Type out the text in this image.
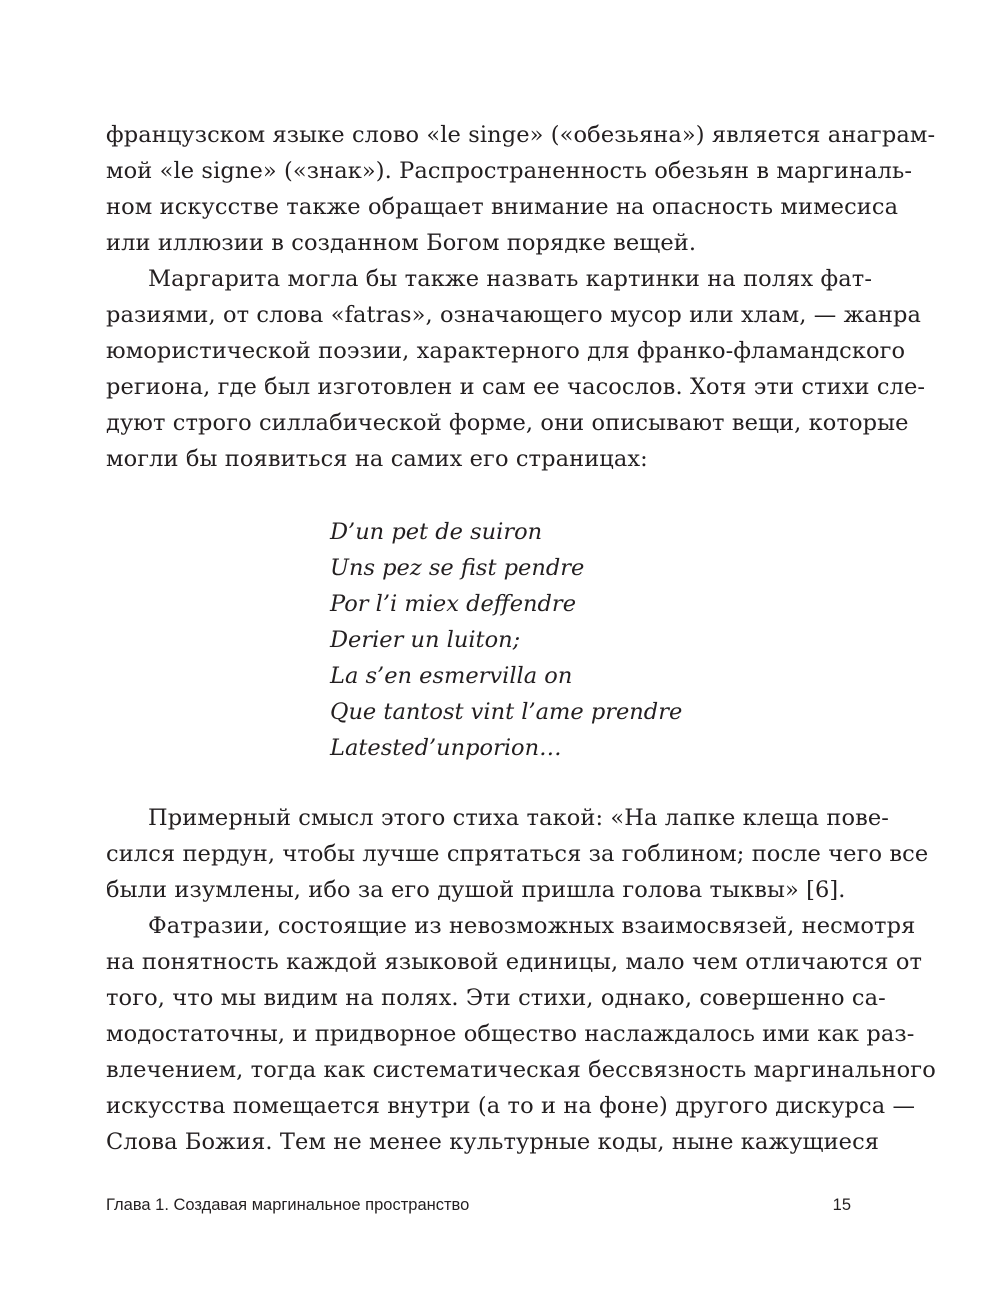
французском языке слово «le singe» («обезьяна») является анаграм-
мой «le signe» («знак»). Распространенность обезьян в маргиналь-
ном искусстве также обращает внимание на опасность мимесиса
или иллюзии в созданном Богом порядке вещей.

Маргарита могла бы также назвать картинки на полях фат-
разиями, от слова «fatras», означающего мусор или хлам, — жанра
юмористической поэзии, характерного для франко-фламандского
региона, где был изготовлен и сам ее часослов. Хотя эти стихи сле-
дуют строго силлабической форме, они описывают вещи, которые
могли бы появиться на самих его страницах:

D’un pet de suiron
Uns pez se fist pendre
Por l’i miex deffendre
Derier un luiton;
La s’en esmervilla on
Que tantost vint l’ame prendre
Latested’unporion…

Примерный смысл этого стиха такой: «На лапке клеща пове-
сился пердун, чтобы лучше спрятаться за гоблином; после чего все
были изумлены, ибо за его душой пришла голова тыквы» [6].

Фатразии, состоящие из невозможных взаимосвязей, несмотря
на понятность каждой языковой единицы, мало чем отличаются от
того, что мы видим на полях. Эти стихи, однако, совершенно са-
модостаточны, и придворное общество наслаждалось ими как раз-
влечением, тогда как систематическая бессвязность маргинального
искусства помещается внутри (а то и на фоне) другого дискурса —
Слова Божия. Тем не менее культурные коды, ныне кажущиеся

Глава 1. Создавая маргинальное пространство	15
